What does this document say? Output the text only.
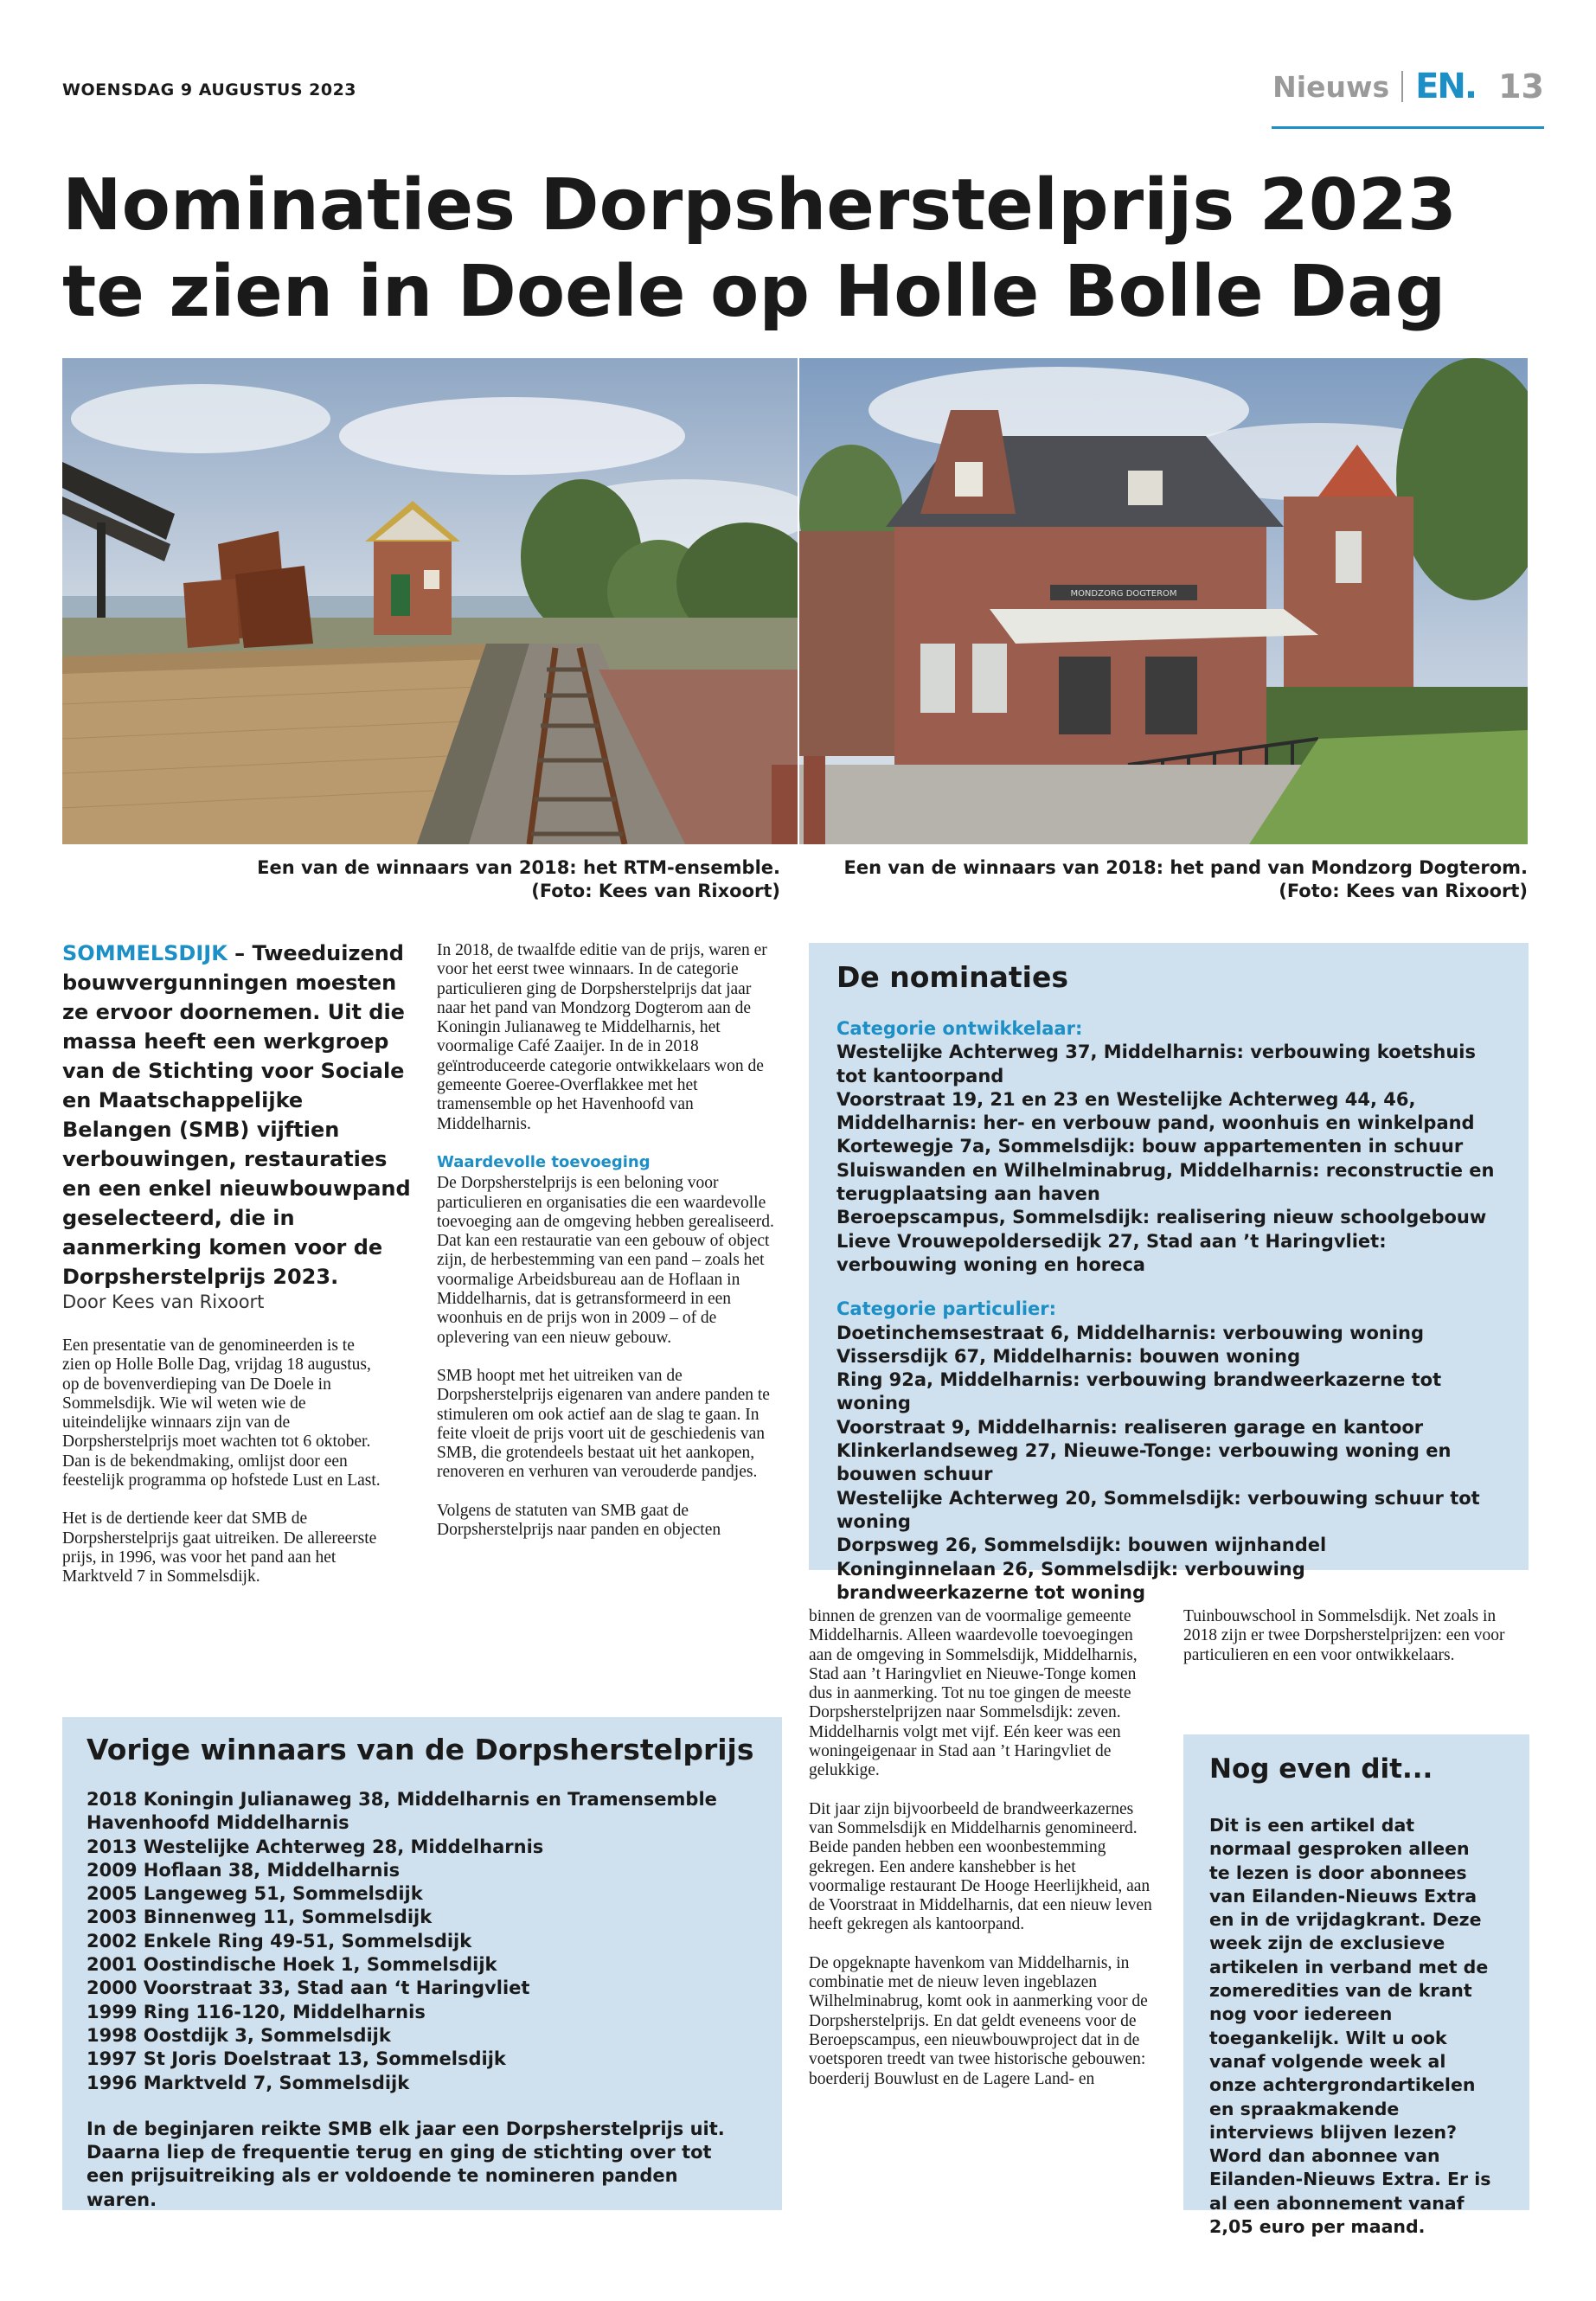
WOENSDAG 9 AUGUSTUS 2023	Nieuws EN. 13
Nominaties Dorpsherstelprijs 2023
te zien in Doele op Holle Bolle Dag
Een van de winnaars van 2018: het RTM-ensemble.
(Foto: Kees van Rixoort)
MONDZORG DOGTEROM
Een van de winnaars van 2018: het pand van Mondzorg Dogterom.
(Foto: Kees van Rixoort)
SOMMELSDIJK – Tweeduizend bouwvergunningen moesten ze ervoor doornemen. Uit die massa heeft een werkgroep van de Stichting voor Sociale en Maatschappelijke Belangen (SMB) vijftien verbouwingen, restauraties en een enkel nieuwbouwpand geselecteerd, die in aanmerking komen voor de Dorpsherstelprijs 2023.
Door Kees van Rixoort

Een presentatie van de genomineerden is te zien op Holle Bolle Dag, vrijdag 18 augustus, op de bovenverdieping van De Doele in Sommelsdijk. Wie wil weten wie de uiteindelijke winnaars zijn van de Dorpsherstelprijs moet wachten tot 6 oktober. Dan is de bekendmaking, omlijst door een feestelijk programma op hofstede Lust en Last.

Het is de dertiende keer dat SMB de Dorpsherstelprijs gaat uitreiken. De allereerste prijs, in 1996, was voor het pand aan het Marktveld 7 in Sommelsdijk.

In 2018, de twaalfde editie van de prijs, waren er voor het eerst twee winnaars. In de categorie particulieren ging de Dorpsherstelprijs dat jaar naar het pand van Mondzorg Dogterom aan de Koningin Julianaweg te Middelharnis, het voormalige Café Zaaijer. In de in 2018 geïntroduceerde categorie ontwikkelaars won de gemeente Goeree-Overflakkee met het tramensemble op het Havenhoofd van Middelharnis.

Waardevolle toevoeging

De Dorpsherstelprijs is een beloning voor particulieren en organisaties die een waardevolle toevoeging aan de omgeving hebben gerealiseerd. Dat kan een restauratie van een gebouw of object zijn, de herbestemming van een pand – zoals het voormalige Arbeidsbureau aan de Hoflaan in Middelharnis, dat is getransformeerd in een woonhuis en de prijs won in 2009 – of de oplevering van een nieuw gebouw.

SMB hoopt met het uitreiken van de Dorpsherstelprijs eigenaren van andere panden te stimuleren om ook actief aan de slag te gaan. In feite vloeit de prijs voort uit de geschiedenis van SMB, die grotendeels bestaat uit het aankopen, renoveren en verhuren van verouderde pandjes.

Volgens de statuten van SMB gaat de Dorpsherstelprijs naar panden en objecten

De nominaties
Categorie ontwikkelaar:
Westelijke Achterweg 37, Middelharnis: verbouwing koetshuis tot kantoorpand
Voorstraat 19, 21 en 23 en Westelijke Achterweg 44, 46, Middelharnis: her- en verbouw pand, woonhuis en winkelpand
Kortewegje 7a, Sommelsdijk: bouw appartementen in schuur
Sluiswanden en Wilhelminabrug, Middelharnis: reconstructie en terugplaatsing aan haven
Beroepscampus, Sommelsdijk: realisering nieuw schoolgebouw
Lieve Vrouwepoldersedijk 27, Stad aan ’t Haringvliet: verbouwing woning en horeca
Categorie particulier:
Doetinchemsestraat 6, Middelharnis: verbouwing woning
Vissersdijk 67, Middelharnis: bouwen woning
Ring 92a, Middelharnis: verbouwing brandweerkazerne tot woning
Voorstraat 9, Middelharnis: realiseren garage en kantoor
Klinkerlandseweg 27, Nieuwe-Tonge: verbouwing woning en bouwen schuur
Westelijke Achterweg 20, Sommelsdijk: verbouwing schuur tot woning
Dorpsweg 26, Sommelsdijk: bouwen wijnhandel
Koninginnelaan 26, Sommelsdijk: verbouwing brandweerkazerne tot woning

binnen de grenzen van de voormalige gemeente Middelharnis. Alleen waardevolle toevoegingen aan de omgeving in Sommelsdijk, Middelharnis, Stad aan ’t Haringvliet en Nieuwe-Tonge komen dus in aanmerking. Tot nu toe gingen de meeste Dorpsherstelprijzen naar Sommelsdijk: zeven. Middelharnis volgt met vijf. Eén keer was een woningeigenaar in Stad aan ’t Haringvliet de gelukkige.

Dit jaar zijn bijvoorbeeld de brandweerkazernes van Sommelsdijk en Middelharnis genomineerd. Beide panden hebben een woonbestemming gekregen. Een andere kanshebber is het voormalige restaurant De Hooge Heerlijkheid, aan de Voorstraat in Middelharnis, dat een nieuw leven heeft gekregen als kantoorpand.

De opgeknapte havenkom van Middelharnis, in combinatie met de nieuw leven ingeblazen Wilhelminabrug, komt ook in aanmerking voor de Dorpsherstelprijs. En dat geldt eveneens voor de Beroepscampus, een nieuwbouwproject dat in de voetsporen treedt van twee historische gebouwen: boerderij Bouwlust en de Lagere Land- en

Tuinbouwschool in Sommelsdijk. Net zoals in 2018 zijn er twee Dorpsherstelprijzen: een voor particulieren en een voor ontwikkelaars.

Vorige winnaars van de Dorpsherstelprijs
2018 Koningin Julianaweg 38, Middelharnis en Tramensemble Havenhoofd Middelharnis
2013 Westelijke Achterweg 28, Middelharnis
2009 Hoflaan 38, Middelharnis
2005 Langeweg 51, Sommelsdijk
2003 Binnenweg 11, Sommelsdijk
2002 Enkele Ring 49-51, Sommelsdijk
2001 Oostindische Hoek 1, Sommelsdijk
2000 Voorstraat 33, Stad aan ‘t Haringvliet
1999 Ring 116-120, Middelharnis
1998 Oostdijk 3, Sommelsdijk
1997 St Joris Doelstraat 13, Sommelsdijk
1996 Marktveld 7, Sommelsdijk
In de beginjaren reikte SMB elk jaar een Dorpsherstelprijs uit. Daarna liep de frequentie terug en ging de stichting over tot een prijsuitreiking als er voldoende te nomineren panden waren.
Nog even dit...
Dit is een artikel dat normaal gesproken alleen te lezen is door abonnees van Eilanden-Nieuws Extra en in de vrijdagkrant. Deze week zijn de exclusieve artikelen in verband met de zomeredities van de krant nog voor iedereen toegankelijk. Wilt u ook vanaf volgende week al onze achtergrondartikelen en spraakmakende interviews blijven lezen? Word dan abonnee van Eilanden-Nieuws Extra. Er is al een abonnement vanaf 2,05 euro per maand.
